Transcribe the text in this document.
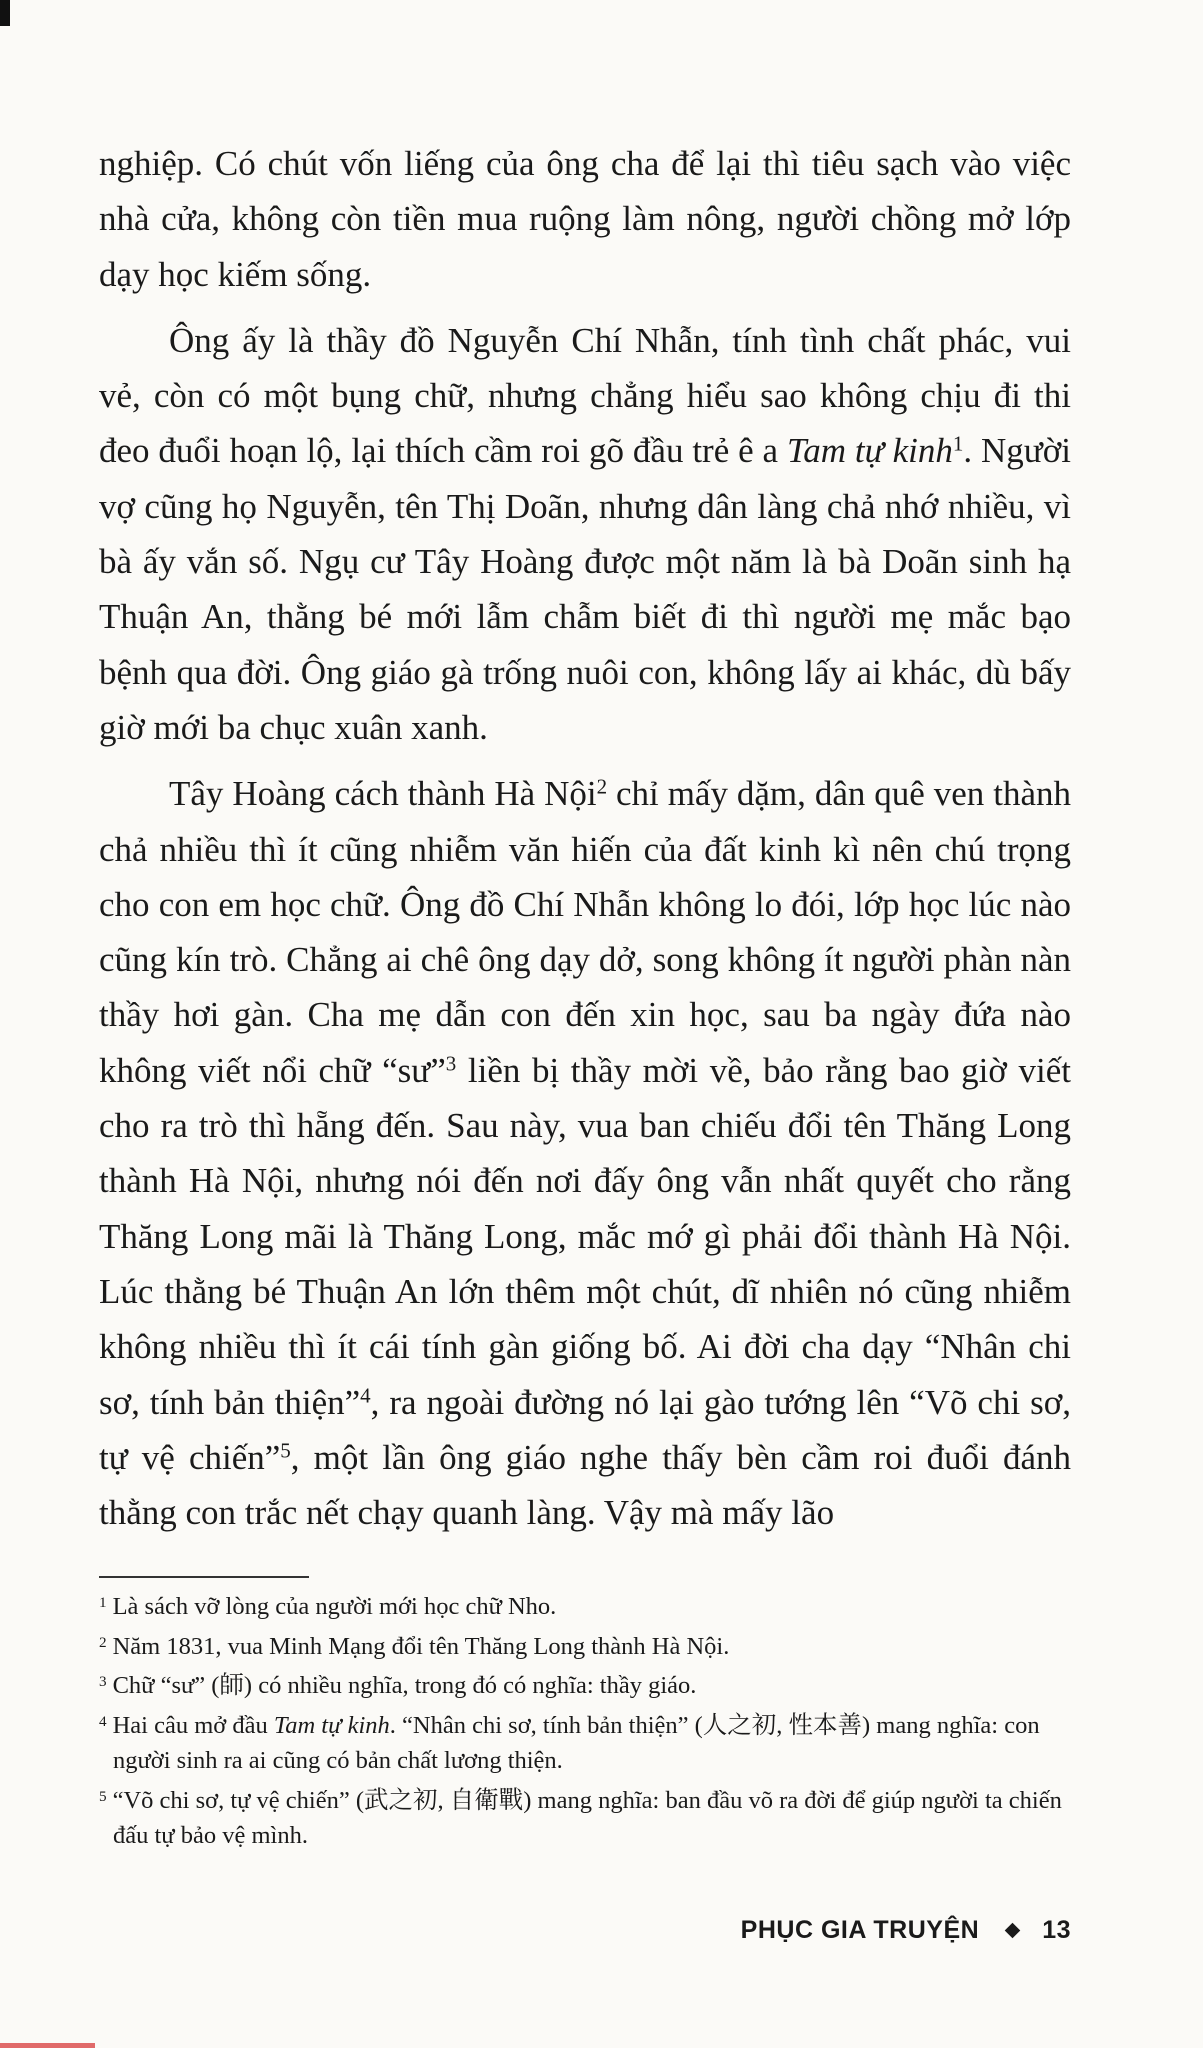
nghiệp. Có chút vốn liếng của ông cha để lại thì tiêu sạch vào việc nhà cửa, không còn tiền mua ruộng làm nông, người chồng mở lớp dạy học kiếm sống.

Ông ấy là thầy đồ Nguyễn Chí Nhẫn, tính tình chất phác, vui vẻ, còn có một bụng chữ, nhưng chẳng hiểu sao không chịu đi thi đeo đuổi hoạn lộ, lại thích cầm roi gõ đầu trẻ ê a Tam tự kinh$^1$. Người vợ cũng họ Nguyễn, tên Thị Doãn, nhưng dân làng chả nhớ nhiều, vì bà ấy vắn số. Ngụ cư Tây Hoàng được một năm là bà Doãn sinh hạ Thuận An, thằng bé mới lẫm chẫm biết đi thì người mẹ mắc bạo bệnh qua đời. Ông giáo gà trống nuôi con, không lấy ai khác, dù bấy giờ mới ba chục xuân xanh.

Tây Hoàng cách thành Hà Nội$^2$ chỉ mấy dặm, dân quê ven thành chả nhiều thì ít cũng nhiễm văn hiến của đất kinh kì nên chú trọng cho con em học chữ. Ông đồ Chí Nhẫn không lo đói, lớp học lúc nào cũng kín trò. Chẳng ai chê ông dạy dở, song không ít người phàn nàn thầy hơi gàn. Cha mẹ dẫn con đến xin học, sau ba ngày đứa nào không viết nổi chữ “sư”$^3$ liền bị thầy mời về, bảo rằng bao giờ viết cho ra trò thì hẵng đến. Sau này, vua ban chiếu đổi tên Thăng Long thành Hà Nội, nhưng nói đến nơi đấy ông vẫn nhất quyết cho rằng Thăng Long mãi là Thăng Long, mắc mớ gì phải đổi thành Hà Nội. Lúc thằng bé Thuận An lớn thêm một chút, dĩ nhiên nó cũng nhiễm không nhiều thì ít cái tính gàn giống bố. Ai đời cha dạy “Nhân chi sơ, tính bản thiện”$^4$, ra ngoài đường nó lại gào tướng lên “Võ chi sơ, tự vệ chiến”$^5$, một lần ông giáo nghe thấy bèn cầm roi đuổi đánh thằng con trắc nết chạy quanh làng. Vậy mà mấy lão

$^1$ Là sách vỡ lòng của người mới học chữ Nho.

$^2$ Năm 1831, vua Minh Mạng đổi tên Thăng Long thành Hà Nội.

$^3$ Chữ “sư” (師) có nhiều nghĩa, trong đó có nghĩa: thầy giáo.

$^4$ Hai câu mở đầu Tam tự kinh. “Nhân chi sơ, tính bản thiện” (人之初, 性本善) mang nghĩa: con người sinh ra ai cũng có bản chất lương thiện.

$^5$ “Võ chi sơ, tự vệ chiến” (武之初, 自衛戰) mang nghĩa: ban đầu võ ra đời để giúp người ta chiến đấu tự bảo vệ mình.

PHỤC GIA TRUYỆN	13
